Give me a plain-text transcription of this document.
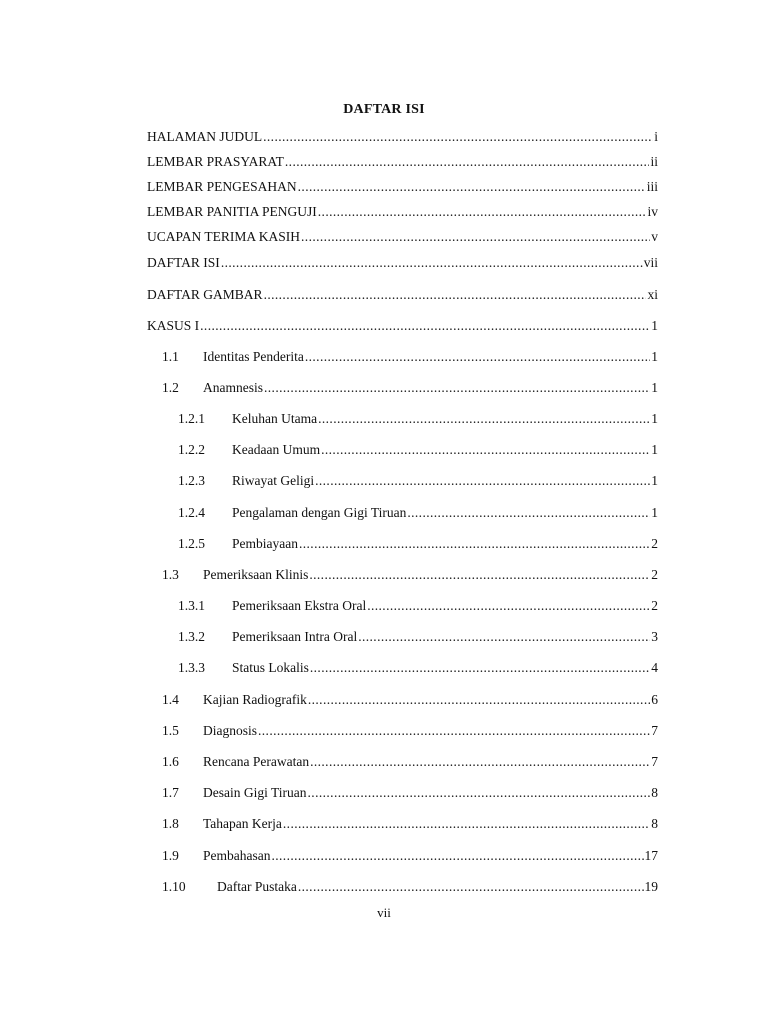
DAFTAR ISI
HALAMAN JUDUL .....	i
LEMBAR PRASYARAT .....	ii
LEMBAR PENGESAHAN .....	iii
LEMBAR PANITIA PENGUJI .....	iv
UCAPAN TERIMA KASIH .....	v
DAFTAR ISI .....	vii
DAFTAR GAMBAR .....	xi
KASUS I .....	1
1.1 Identitas Penderita .....	1
1.2 Anamnesis .....	1
1.2.1 Keluhan Utama .....	1
1.2.2 Keadaan Umum .....	1
1.2.3 Riwayat Geligi .....	1
1.2.4 Pengalaman dengan Gigi Tiruan .....	1
1.2.5 Pembiayaan .....	2
1.3 Pemeriksaan Klinis .....	2
1.3.1 Pemeriksaan Ekstra Oral .....	2
1.3.2 Pemeriksaan Intra Oral .....	3
1.3.3 Status Lokalis .....	4
1.4 Kajian Radiografik .....	6
1.5 Diagnosis .....	7
1.6 Rencana Perawatan .....	7
1.7 Desain Gigi Tiruan .....	8
1.8 Tahapan Kerja .....	8
1.9 Pembahasan .....	17
1.10 Daftar Pustaka .....	19
vii
